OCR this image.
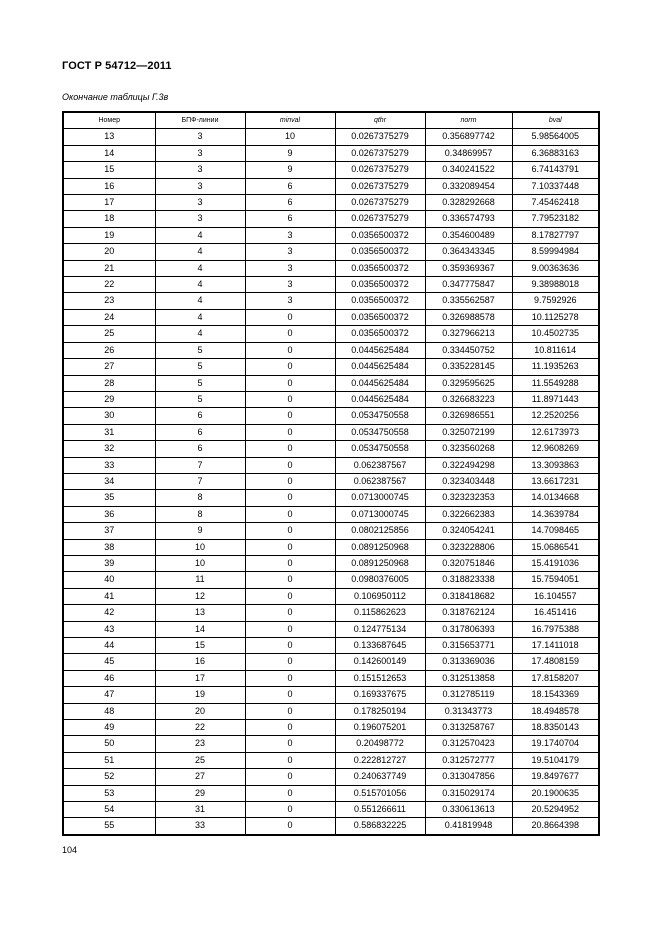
ГОСТ Р 54712—2011
Окончание таблицы Г.3в
Номер	БПФ-линии	minval	qthr	norm	bval
13	3	10	0.0267375279	0.356897742	5.98564005
14	3	9	0.0267375279	0.34869957	6.36883163
15	3	9	0.0267375279	0.340241522	6.74143791
16	3	6	0.0267375279	0.332089454	7.10337448
17	3	6	0.0267375279	0.328292668	7.45462418
18	3	6	0.0267375279	0.336574793	7.79523182
19	4	3	0.0356500372	0.354600489	8.17827797
20	4	3	0.0356500372	0.364343345	8.59994984
21	4	3	0.0356500372	0.359369367	9.00363636
22	4	3	0.0356500372	0.347775847	9.38988018
23	4	3	0.0356500372	0.335562587	9.7592926
24	4	0	0.0356500372	0.326988578	10.1125278
25	4	0	0.0356500372	0.327966213	10.4502735
26	5	0	0.0445625484	0.334450752	10.811614
27	5	0	0.0445625484	0.335228145	11.1935263
28	5	0	0.0445625484	0.329595625	11.5549288
29	5	0	0.0445625484	0.326683223	11.8971443
30	6	0	0.0534750558	0.326986551	12.2520256
31	6	0	0.0534750558	0.325072199	12.6173973
32	6	0	0.0534750558	0.323560268	12.9608269
33	7	0	0.062387567	0.322494298	13.3093863
34	7	0	0.062387567	0.323403448	13.6617231
35	8	0	0.0713000745	0.323232353	14.0134668
36	8	0	0.0713000745	0.322662383	14.3639784
37	9	0	0.0802125856	0.324054241	14.7098465
38	10	0	0.0891250968	0.323228806	15.0686541
39	10	0	0.0891250968	0.320751846	15.4191036
40	11	0	0.0980376005	0.318823338	15.7594051
41	12	0	0.106950112	0.318418682	16.104557
42	13	0	0.115862623	0.318762124	16.451416
43	14	0	0.124775134	0.317806393	16.7975388
44	15	0	0.133687645	0.315653771	17.1411018
45	16	0	0.142600149	0.313369036	17.4808159
46	17	0	0.151512653	0.312513858	17.8158207
47	19	0	0.169337675	0.312785119	18.1543369
48	20	0	0.178250194	0.31343773	18.4948578
49	22	0	0.196075201	0.313258767	18.8350143
50	23	0	0.20498772	0.312570423	19.1740704
51	25	0	0.222812727	0.312572777	19.5104179
52	27	0	0.240637749	0.313047856	19.8497677
53	29	0	0.515701056	0.315029174	20.1900635
54	31	0	0.551266611	0.330613613	20.5294952
55	33	0	0.586832225	0.41819948	20.8664398
104
